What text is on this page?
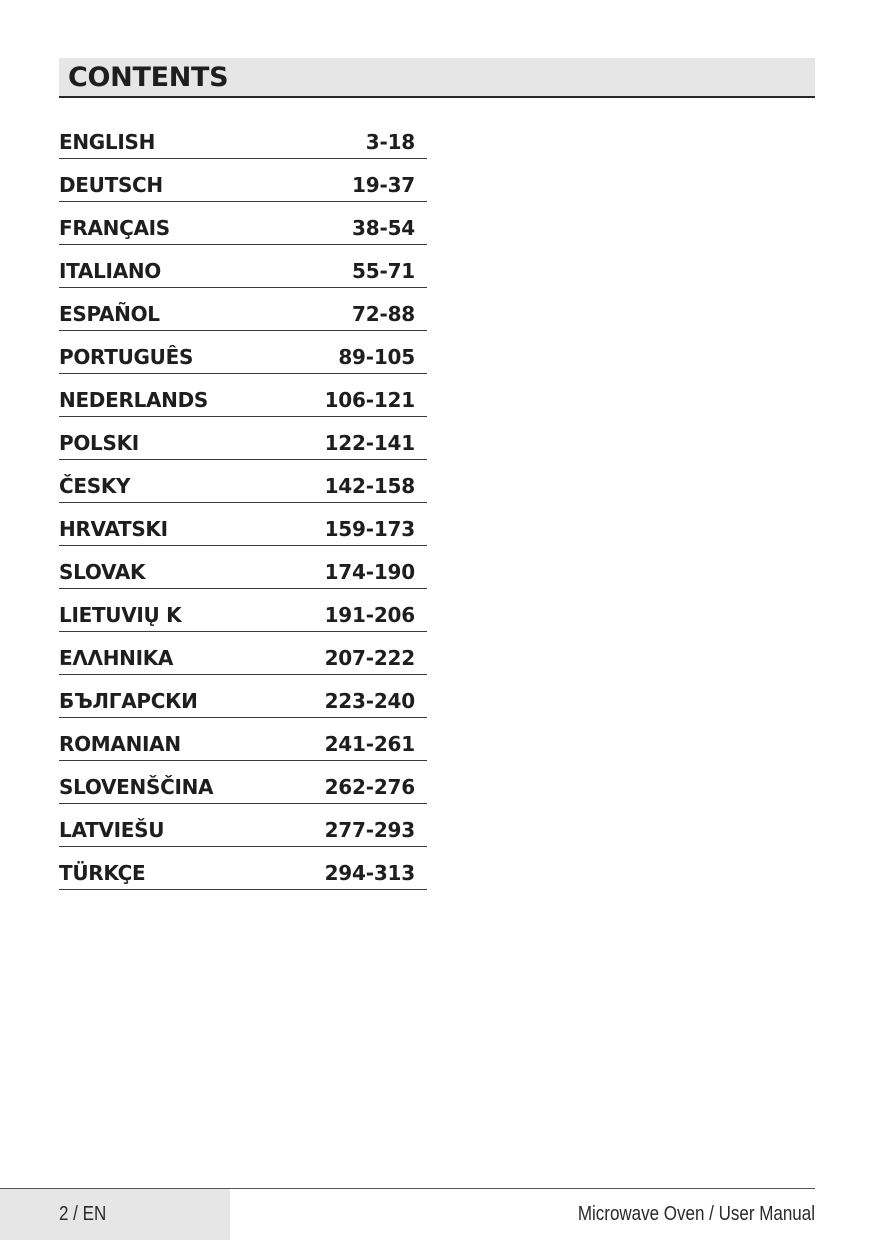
CONTENTS
ENGLISH	3-18
DEUTSCH	19-37
FRANÇAIS	38-54
ITALIANO	55-71
ESPAÑOL	72-88
PORTUGUÊS	89-105
NEDERLANDS	106-121
POLSKI	122-141
ČESKY	142-158
HRVATSKI	159-173
SLOVAK	174-190
LIETUVIŲ K	191-206
ΕΛΛΗΝΙΚΑ	207-222
БЪЛГАРСКИ	223-240
ROMANIAN	241-261
SLOVENŠČINA	262-276
LATVIEŠU	277-293
TÜRKÇE	294-313
2 / EN	Microwave Oven / User Manual
